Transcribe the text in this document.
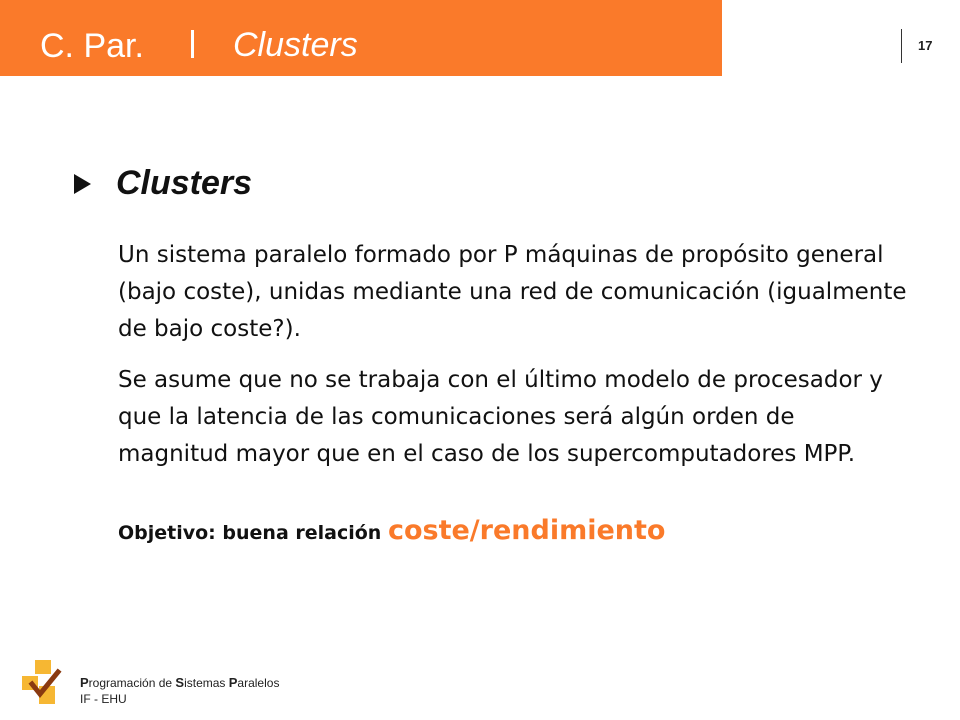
C. Par.	Clusters	17
Clusters

Un sistema paralelo formado por P máquinas de propósito general (bajo coste), unidas mediante una red de comunicación (igualmente de bajo coste?).

Se asume que no se trabaja con el último modelo de procesador y que la latencia de las comunicaciones será algún orden de magnitud mayor que en el caso de los supercomputadores MPP.

Objetivo: buena relación coste/rendimiento
Programación de Sistemas Paralelos
IF - EHU
